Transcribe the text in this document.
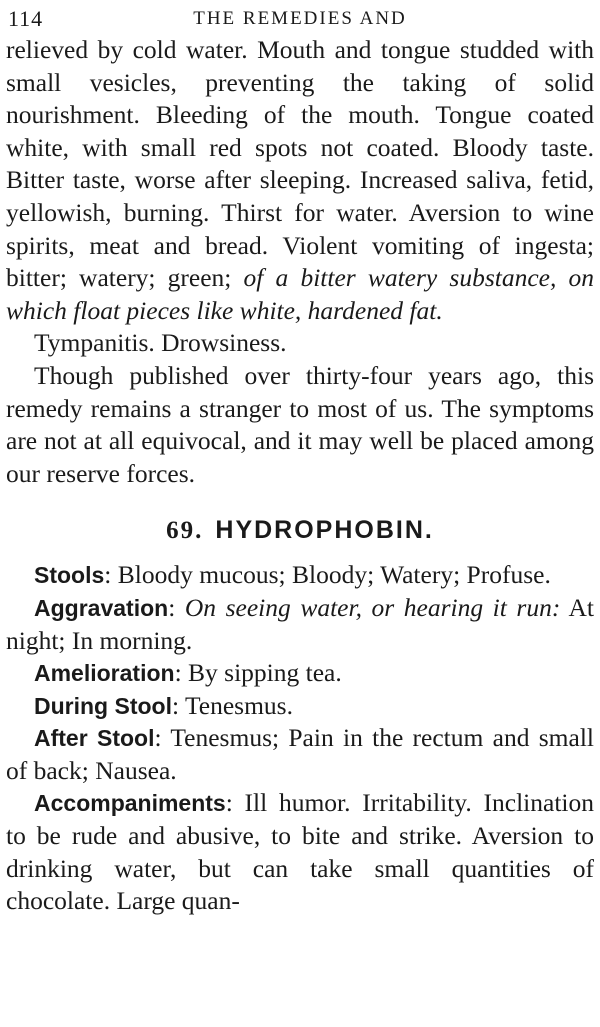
114	THE REMEDIES AND

relieved by cold water. Mouth and tongue studded with small vesicles, preventing the taking of solid nourishment. Bleeding of the mouth. Tongue coated white, with small red spots not coated. Bloody taste. Bitter taste, worse after sleeping. Increased saliva, fetid, yellowish, burning. Thirst for water. Aversion to wine spirits, meat and bread. Violent vomiting of ingesta; bitter; watery; green; of a bitter watery substance, on which float pieces like white, hardened fat.

Tympanitis. Drowsiness.

Though published over thirty-four years ago, this remedy remains a stranger to most of us. The symptoms are not at all equivocal, and it may well be placed among our reserve forces.

69. HYDROPHOBIN.

Stools: Bloody mucous; Bloody; Watery; Profuse.

Aggravation: On seeing water, or hearing it run: At night; In morning.

Amelioration: By sipping tea.

During Stool: Tenesmus.

After Stool: Tenesmus; Pain in the rectum and small of back; Nausea.

Accompaniments: Ill humor. Irritability. Inclination to be rude and abusive, to bite and strike. Aversion to drinking water, but can take small quantities of chocolate. Large quan-
